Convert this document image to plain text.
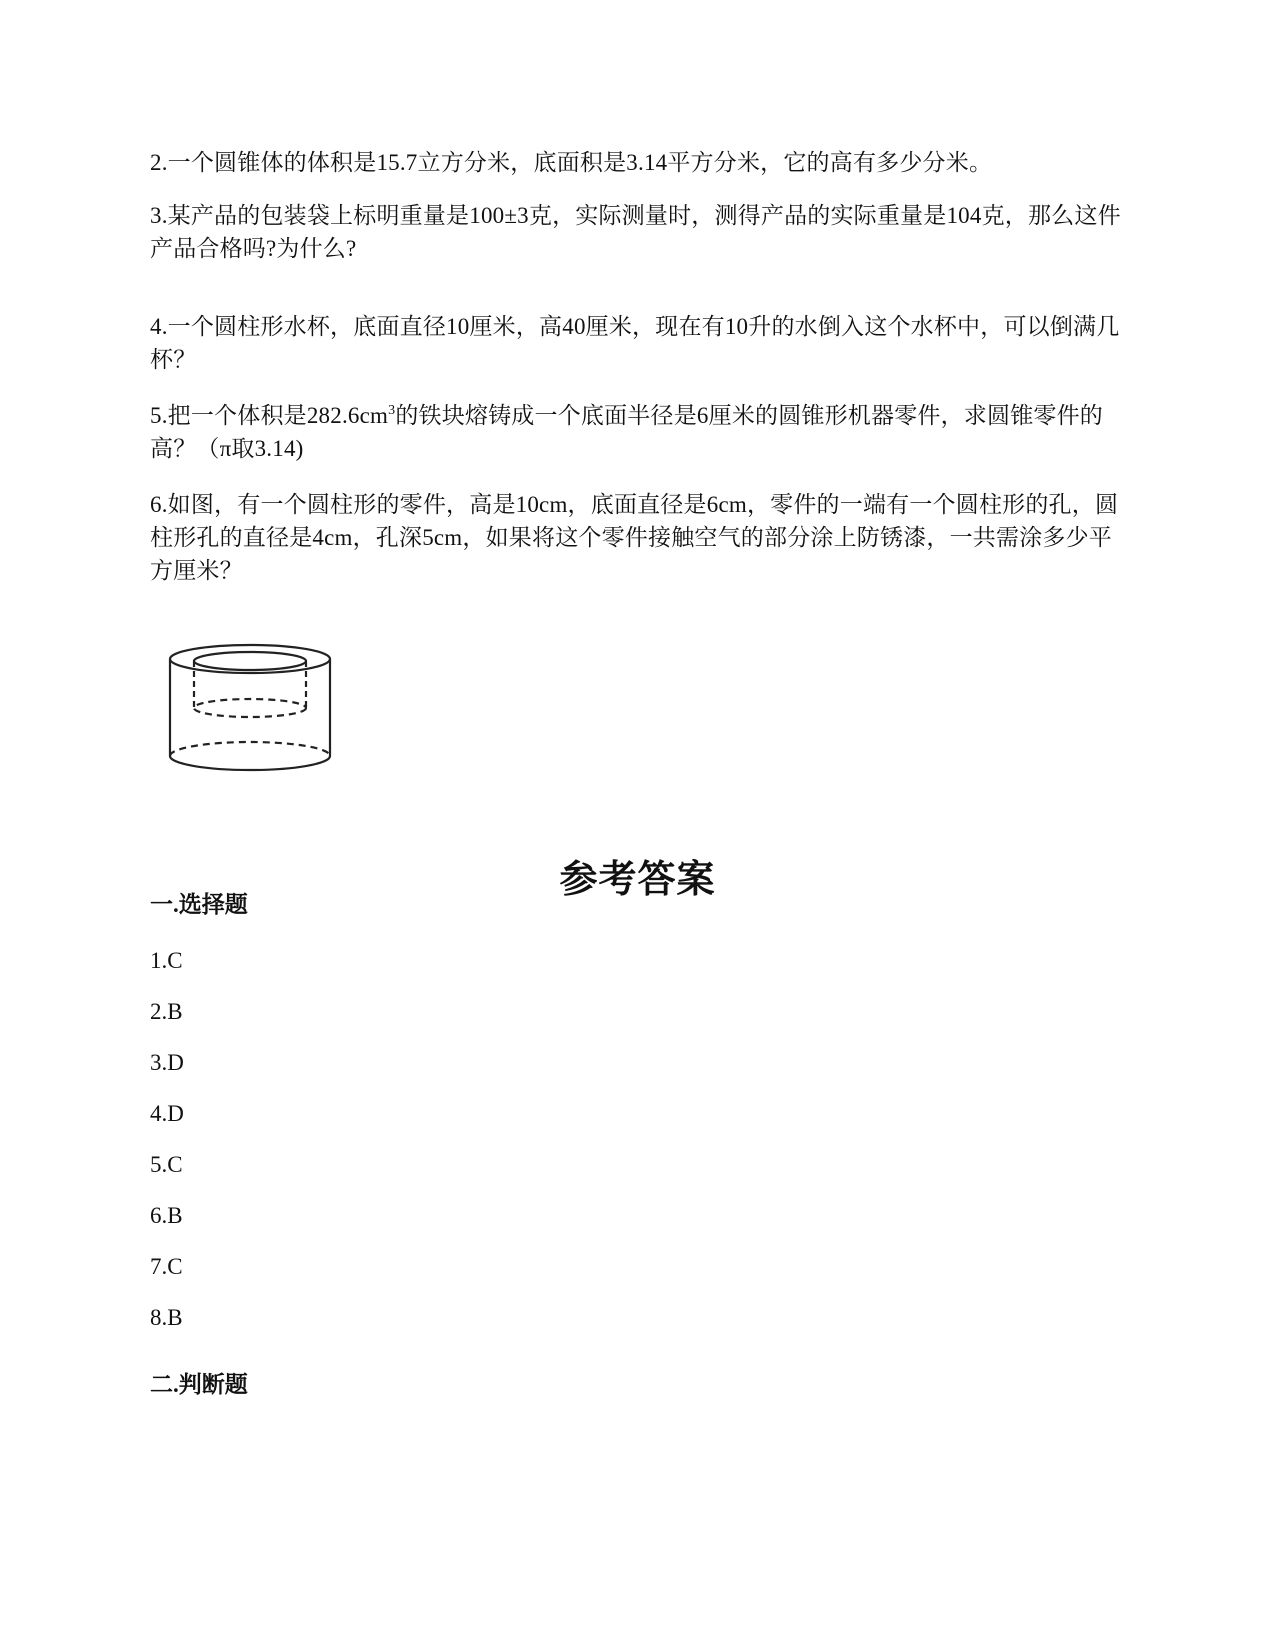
2.一个圆锥体的体积是15.7立方分米，底面积是3.14平方分米，它的高有多少分米。
3.某产品的包装袋上标明重量是100±3克，实际测量时，测得产品的实际重量是104克，那么这件产品合格吗?为什么?
4.一个圆柱形水杯，底面直径10厘米，高40厘米，现在有10升的水倒入这个水杯中，可以倒满几杯？
5.把一个体积是$282.6cm^3$的铁块熔铸成一个底面半径是6厘米的圆锥形机器零件，求圆锥零件的高？（π取3.14)
6.如图，有一个圆柱形的零件，高是10cm，底面直径是6cm，零件的一端有一个圆柱形的孔，圆柱形孔的直径是4cm，孔深5cm，如果将这个零件接触空气的部分涂上防锈漆，一共需涂多少平方厘米？
参考答案
一.选择题
1.C
2.B
3.D
4.D
5.C
6.B
7.C
8.B
二.判断题
